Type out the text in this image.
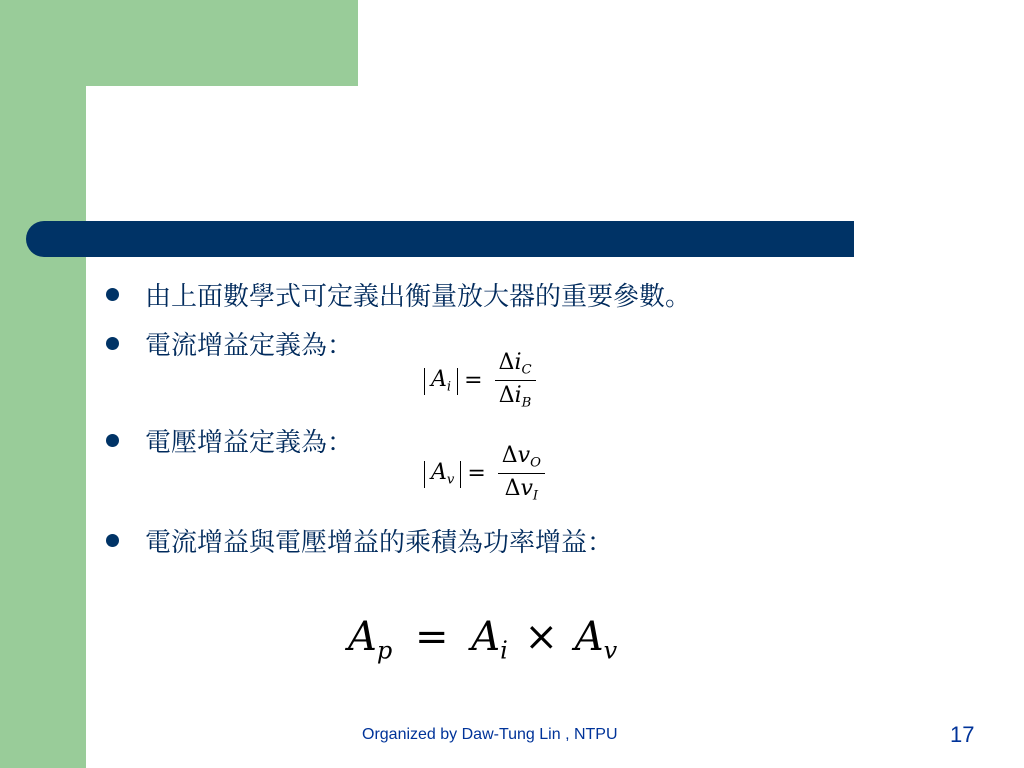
由上面數學式可定義出衡量放大器的重要參數。
電流增益定義為：
$A_i = \frac{\Delta i_C}{\Delta i_B}$
電壓增益定義為：
$A_v = \frac{\Delta v_O}{\Delta v_I}$
電流增益與電壓增益的乘積為功率增益：
$A_p = A_i \times A_v$
Organized by Daw-Tung Lin , NTPU	17
